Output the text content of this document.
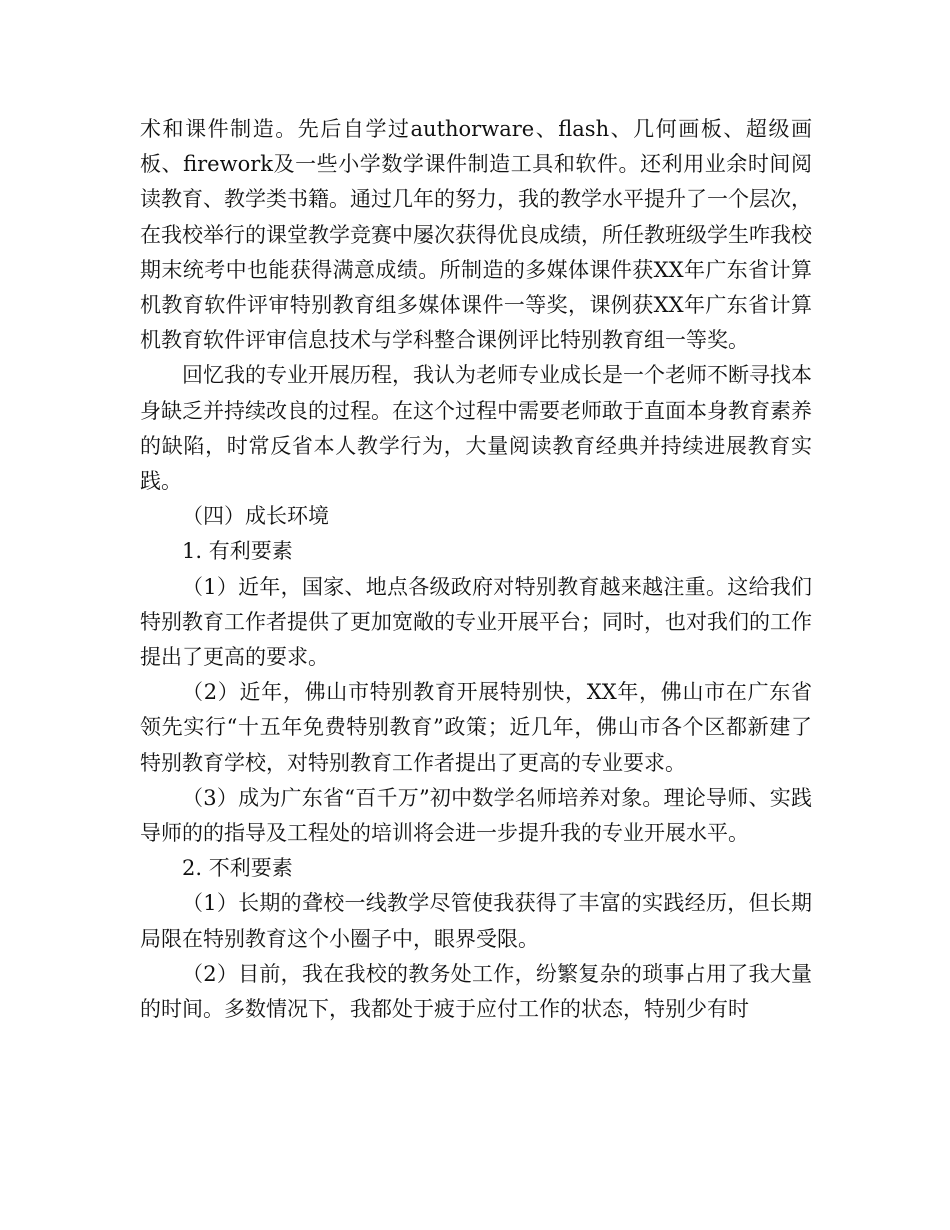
术和课件制造。先后自学过authorware、flash、几何画板、超级画板、firework及一些小学数学课件制造工具和软件。还利用业余时间阅读教育、教学类书籍。通过几年的努力，我的教学水平提升了一个层次，在我校举行的课堂教学竞赛中屡次获得优良成绩，所任教班级学生咋我校期末统考中也能获得满意成绩。所制造的多媒体课件获XX年广东省计算机教育软件评审特别教育组多媒体课件一等奖，课例获XX年广东省计算机教育软件评审信息技术与学科整合课例评比特别教育组一等奖。

回忆我的专业开展历程，我认为老师专业成长是一个老师不断寻找本身缺乏并持续改良的过程。在这个过程中需要老师敢于直面本身教育素养的缺陷，时常反省本人教学行为，大量阅读教育经典并持续进展教育实践。

（四）成长环境

1. 有利要素

（1）近年，国家、地点各级政府对特别教育越来越注重。这给我们特别教育工作者提供了更加宽敞的专业开展平台；同时，也对我们的工作提出了更高的要求。

（2）近年，佛山市特别教育开展特别快，XX年，佛山市在广东省领先实行“十五年免费特别教育”政策；近几年，佛山市各个区都新建了特别教育学校，对特别教育工作者提出了更高的专业要求。

（3）成为广东省“百千万”初中数学名师培养对象。理论导师、实践导师的的指导及工程处的培训将会进一步提升我的专业开展水平。

2. 不利要素

（1）长期的聋校一线教学尽管使我获得了丰富的实践经历，但长期局限在特别教育这个小圈子中，眼界受限。

（2）目前，我在我校的教务处工作，纷繁复杂的琐事占用了我大量的时间。多数情况下，我都处于疲于应付工作的状态，特别少有时
